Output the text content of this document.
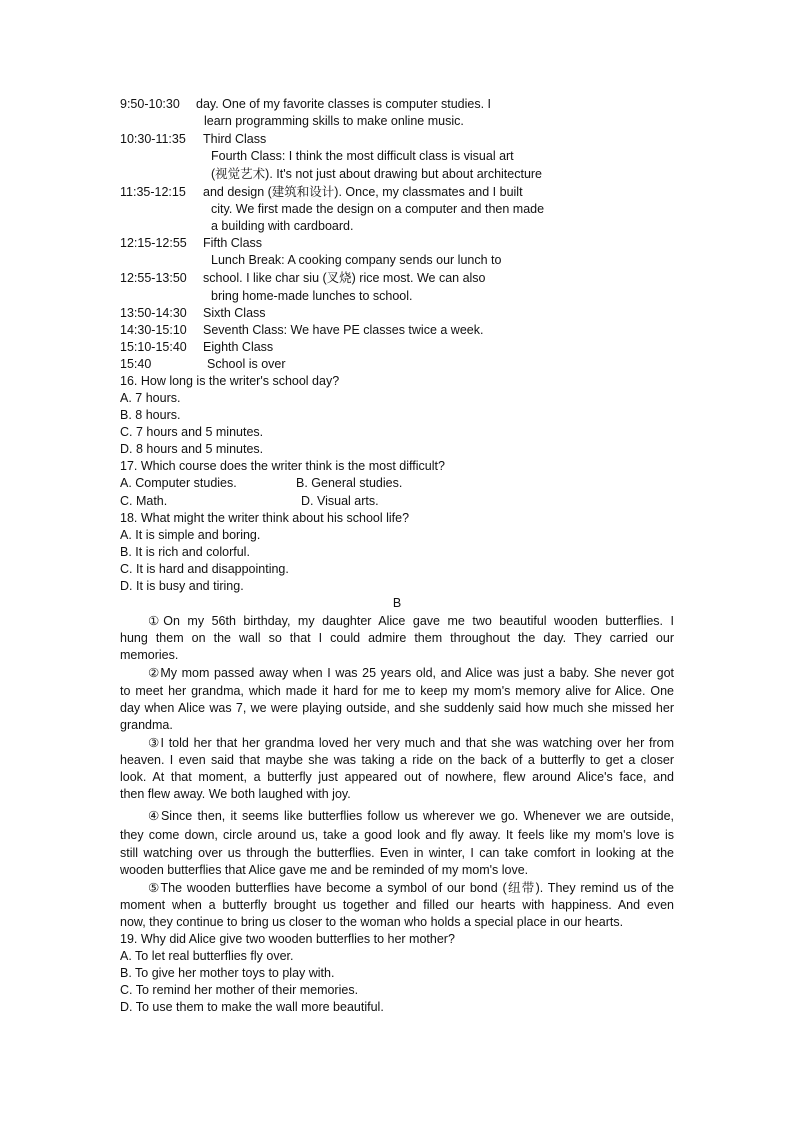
9:50-10:30 day. One of my favorite classes is computer studies. I
learn programming skills to make online music.
10:30-11:35 Third Class
Fourth Class: I think the most difficult class is visual art
(视觉艺术). It's not just about drawing but about architecture
11:35-12:15 and design (建筑和设计). Once, my classmates and I built
city. We first made the design on a computer and then made
a building with cardboard.
12:15-12:55 Fifth Class
Lunch Break: A cooking company sends our lunch to
12:55-13:50 school. I like char siu (叉烧) rice most. We can also
bring home-made lunches to school.
13:50-14:30 Sixth Class
14:30-15:10 Seventh Class: We have PE classes twice a week.
15:10-15:40 Eighth Class
15:40	School is over
16. How long is the writer's school day?
A. 7 hours.
B. 8 hours.
C. 7 hours and 5 minutes.
D. 8 hours and 5 minutes.
17. Which course does the writer think is the most difficult?
A. Computer studies.	B. General studies.
C. Math.	D. Visual arts.
18. What might the writer think about his school life?
A. It is simple and boring.
B. It is rich and colorful.
C. It is hard and disappointing.
D. It is busy and tiring.
B
①On my 56th birthday, my daughter Alice gave me two beautiful wooden butterflies. I
hung them on the wall so that I could admire them throughout the day. They carried our
memories.
②My mom passed away when I was 25 years old, and Alice was just a baby. She never got
to meet her grandma, which made it hard for me to keep my mom's memory alive for Alice. One
day when Alice was 7, we were playing outside, and she suddenly said how much she missed her
grandma.
③I told her that her grandma loved her very much and that she was watching over her from
heaven. I even said that maybe she was taking a ride on the back of a butterfly to get a closer
look. At that moment, a butterfly just appeared out of nowhere, flew around Alice's face, and
then flew away. We both laughed with joy.
④Since then, it seems like butterflies follow us wherever we go. Whenever we are outside,
they come down, circle around us, take a good look and fly away. It feels like my mom's love is
still watching over us through the butterflies. Even in winter, I can take comfort in looking at the
wooden butterflies that Alice gave me and be reminded of my mom's love.
⑤The wooden butterflies have become a symbol of our bond (纽带). They remind us of the
moment when a butterfly brought us together and filled our hearts with happiness. And even
now, they continue to bring us closer to the woman who holds a special place in our hearts.
19. Why did Alice give two wooden butterflies to her mother?
A. To let real butterflies fly over.
B. To give her mother toys to play with.
C. To remind her mother of their memories.
D. To use them to make the wall more beautiful.
